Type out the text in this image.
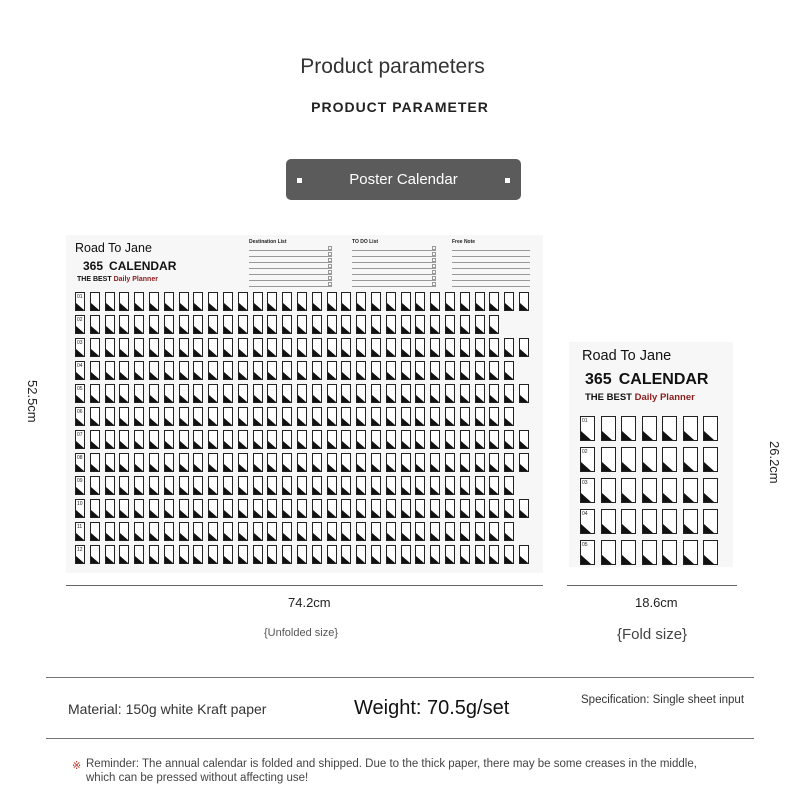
Product parameters
PRODUCT PARAMETER
Poster Calendar
Road To Jane
365 CALENDAR
THE BEST Daily Planner
Destination List	TO DO List	Free Note
01
02
03
04
05
06
07
08
09
10
11
12
52.5cm
74.2cm
{Unfolded size}
Road To Jane
365 CALENDAR
THE BEST Daily Planner
01
02
03
04
05
26.2cm
18.6cm
{Fold size}
Material: 150g white Kraft paper	Weight: 70.5g/set	Specification: Single sheet input
※ Reminder: The annual calendar is folded and shipped. Due to the thick paper, there may be some creases in the middle, which can be pressed without affecting use!
